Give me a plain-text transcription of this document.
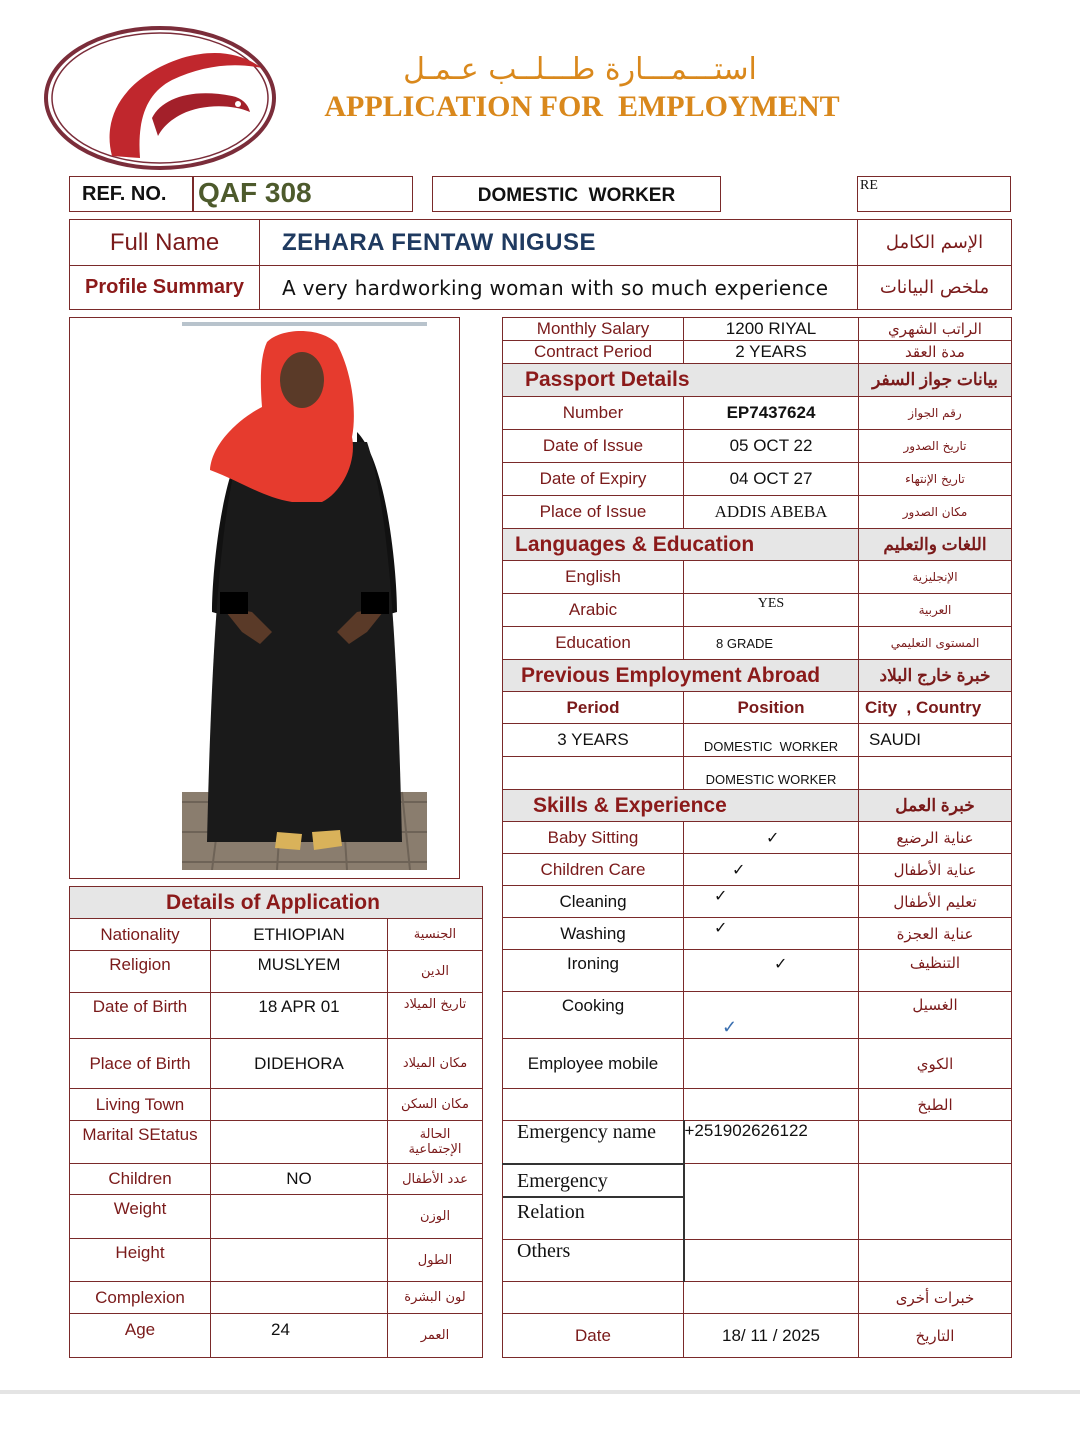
استـــمـــارة طـــلــب عـمـل
APPLICATION FOR  EMPLOYMENT
REF. NO. QAF 308	DOMESTIC  WORKER	RE
Full Name	ZEHARA FENTAW NIGUSE	الإسم الكامل
Profile Summary	A very hardworking woman with so much experience	ملخص البيانات
Monthly Salary	1200 RIYAL	الراتب الشهري
Contract Period	2 YEARS	مدة العقد
Passport Details		بيانات جواز السفر
Number	EP7437624	رقم الجواز
Date of Issue	05 OCT 22	تاريخ الصدور
Date of Expiry	04 OCT 27	تاريخ الإنتهاء
Place of Issue	ADDIS ABEBA	مكان الصدور
Languages & Education		اللغات والتعليم
English		الإنجليزية
Arabic	YES	العربية
Education	8 GRADE	المستوى التعليمي
Previous Employment Abroad		خبرة خارج البلاد
Period	Position	City  , Country
3 YEARS	DOMESTIC  WORKER	SAUDI
	DOMESTIC WORKER	
Skills & Experience		خبرة العمل
Baby Sitting	✓	عناية الرضيع
Children Care	✓	عناية الأطفال
Cleaning	✓	تعليم الأطفال
Washing	✓	عناية العجزة
Ironing	✓	التنظيف
Cooking	✓	الغسيل
Employee mobile		الكوي
		الطبخ
Emergency name	+251902626122	

Emergency
Relation		

Others		
		خبرات أخرى
Date	18/ 11 / 2025	التاريخ
Details of Application		
Nationality	ETHIOPIAN	الجنسية
Religion	MUSLYEM	الدين
Date of Birth	18 APR 01	تاريخ الميلاد
Place of Birth	DIDEHORA	مكان الميلاد
Living Town		مكان السكن
Marital SEtatus		الحالة الإجتماعية
Children	NO	عدد الأطفال
Weight		الوزن
Height		الطول
Complexion		لون البشرة
Age	24	العمر
